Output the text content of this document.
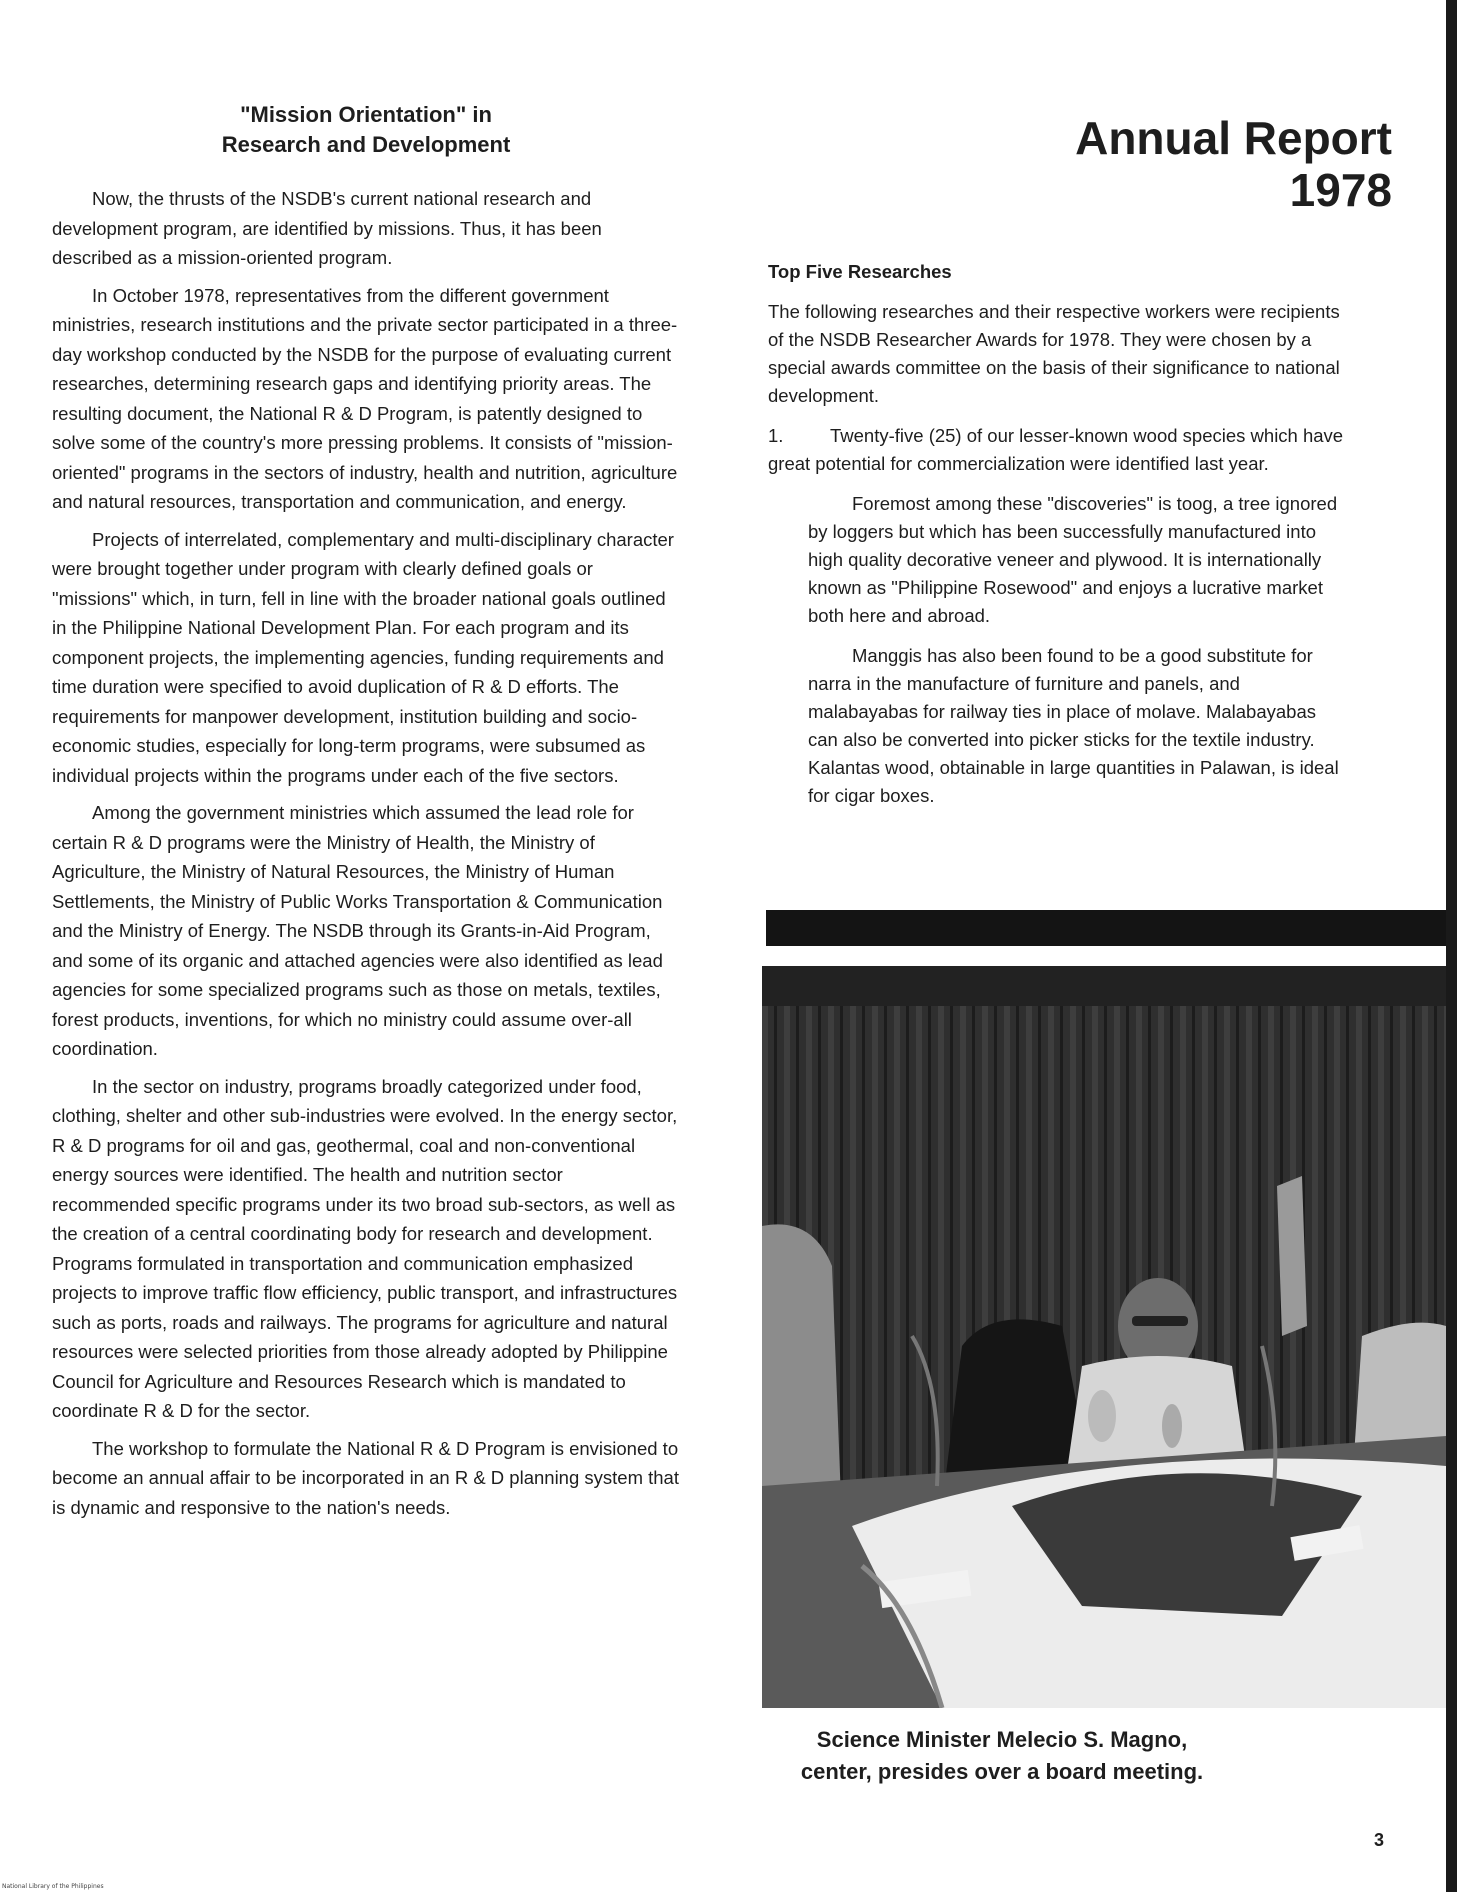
"Mission Orientation" in
Research and Development

Now, the thrusts of the NSDB's current national research and development program, are identified by missions. Thus, it has been described as a mission-oriented program.

In October 1978, representatives from the different government ministries, research institutions and the private sector participated in a three-day workshop conducted by the NSDB for the purpose of evaluating current researches, determining research gaps and identifying priority areas. The resulting document, the National R & D Program, is patently designed to solve some of the country's more pressing problems. It consists of "mission-oriented" programs in the sectors of industry, health and nutrition, agriculture and natural resources, transportation and communication, and energy.

Projects of interrelated, complementary and multi-disciplinary character were brought together under program with clearly defined goals or "missions" which, in turn, fell in line with the broader national goals outlined in the Philippine National Development Plan. For each program and its component projects, the implementing agencies, funding requirements and time duration were specified to avoid duplication of R & D efforts. The requirements for manpower development, institution building and socio-economic studies, especially for long-term programs, were subsumed as individual projects within the programs under each of the five sectors.

Among the government ministries which assumed the lead role for certain R & D programs were the Ministry of Health, the Ministry of Agriculture, the Ministry of Natural Resources, the Ministry of Human Settlements, the Ministry of Public Works Transportation & Communication and the Ministry of Energy. The NSDB through its Grants-in-Aid Program, and some of its organic and attached agencies were also identified as lead agencies for some specialized programs such as those on metals, textiles, forest products, inventions, for which no ministry could assume over-all coordination.

In the sector on industry, programs broadly categorized under food, clothing, shelter and other sub-industries were evolved. In the energy sector, R & D programs for oil and gas, geothermal, coal and non-conventional energy sources were identified. The health and nutrition sector recommended specific programs under its two broad sub-sectors, as well as the creation of a central coordinating body for research and development. Programs formulated in transportation and communication emphasized projects to improve traffic flow efficiency, public transport, and infrastructures such as ports, roads and railways. The programs for agriculture and natural resources were selected priorities from those already adopted by Philippine Council for Agriculture and Resources Research which is mandated to coordinate R & D for the sector.

The workshop to formulate the National R & D Program is envisioned to become an annual affair to be incorporated in an R & D planning system that is dynamic and responsive to the nation's needs.

Annual Report
1978
Top Five Researches

The following researches and their respective workers were recipients of the NSDB Researcher Awards for 1978. They were chosen by a special awards committee on the basis of their significance to national development.

1.	Twenty-five (25) of our lesser-known wood species which have great potential for commercialization were identified last year.

Foremost among these "discoveries" is toog, a tree ignored by loggers but which has been successfully manufactured into high quality decorative veneer and plywood. It is internationally known as "Philippine Rosewood" and enjoys a lucrative market both here and abroad.

Manggis has also been found to be a good substitute for narra in the manufacture of furniture and panels, and malabayabas for railway ties in place of molave. Malabayabas can also be converted into picker sticks for the textile industry. Kalantas wood, obtainable in large quantities in Palawan, is ideal for cigar boxes.

Science Minister Melecio S. Magno,
center, presides over a board meeting.
3
National Library of the Philippines
